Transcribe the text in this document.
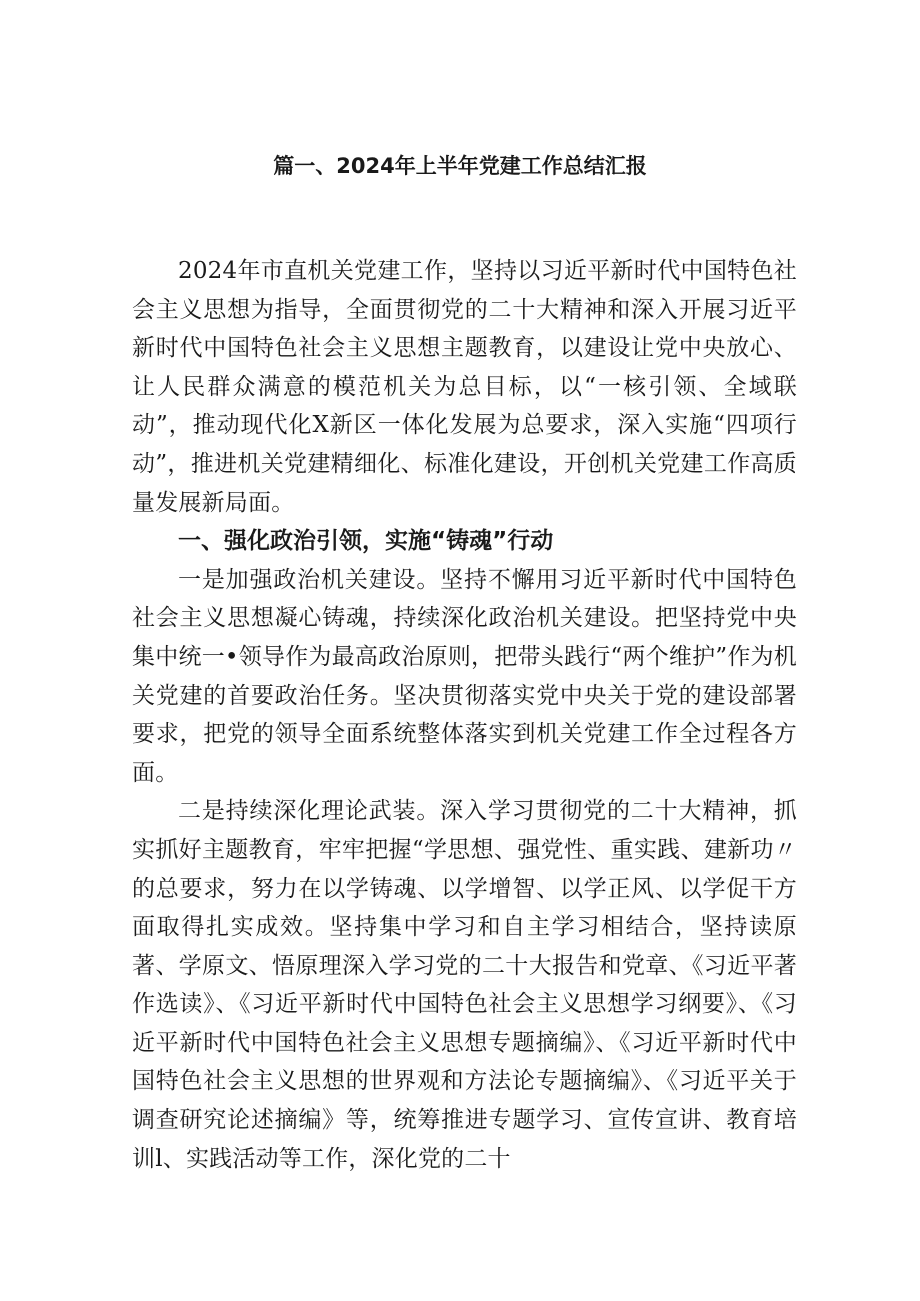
篇一、2024年上半年党建工作总结汇报

2024年市直机关党建工作，坚持以习近平新时代中国特色社会主义思想为指导，全面贯彻党的二十大精神和深入开展习近平新时代中国特色社会主义思想主题教育，以建设让党中央放心、让人民群众满意的模范机关为总目标，以“一核引领、全域联动”，推动现代化X新区一体化发展为总要求，深入实施“四项行动”，推进机关党建精细化、标准化建设，开创机关党建工作高质量发展新局面。

一、强化政治引领，实施“铸魂”行动

一是加强政治机关建设。坚持不懈用习近平新时代中国特色社会主义思想凝心铸魂，持续深化政治机关建设。把坚持党中央集中统一•领导作为最高政治原则，把带头践行“两个维护”作为机关党建的首要政治任务。坚决贯彻落实党中央关于党的建设部署要求，把党的领导全面系统整体落实到机关党建工作全过程各方面。

二是持续深化理论武装。深入学习贯彻党的二十大精神，抓实抓好主题教育，牢牢把握“学思想、强党性、重实践、建新功〃的总要求，努力在以学铸魂、以学增智、以学正风、以学促干方面取得扎实成效。坚持集中学习和自主学习相结合，坚持读原著、学原文、悟原理深入学习党的二十大报告和党章、《习近平著作选读》、《习近平新时代中国特色社会主义思想学习纲要》、《习近平新时代中国特色社会主义思想专题摘编》、《习近平新时代中国特色社会主义思想的世界观和方法论专题摘编》、《习近平关于调查研究论述摘编》等，统筹推进专题学习、宣传宣讲、教育培训l、实践活动等工作，深化党的二十
